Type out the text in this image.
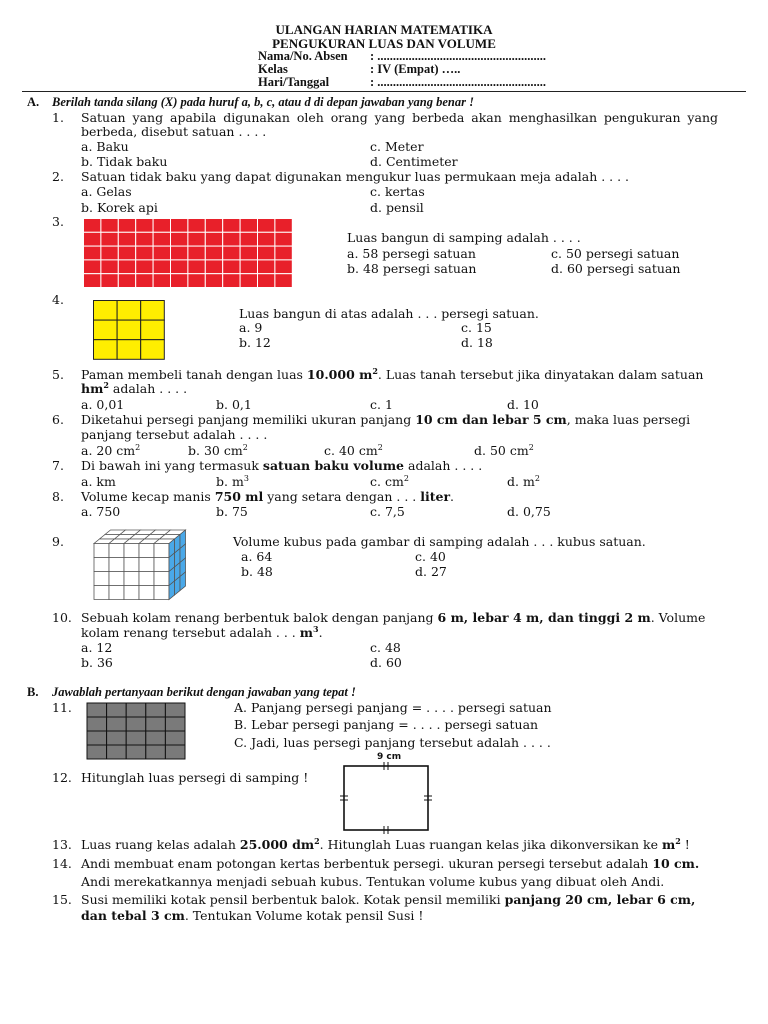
ULANGAN HARIAN MATEMATIKA
PENGUKURAN LUAS DAN VOLUME
Nama/No. Absen : ......................................................
Kelas	: IV (Empat) …..
Hari/Tanggal	: ......................................................
A. Berilah tanda silang (X) pada huruf a, b, c, atau d di depan jawaban yang benar !
1. Satuan yang apabila digunakan oleh orang yang berbeda akan menghasilkan pengukuran yang
berbeda, disebut satuan . . . .
a. Baku	c. Meter
b. Tidak baku	d. Centimeter
2. Satuan tidak baku yang dapat digunakan mengukur luas permukaan meja adalah . . . .
a. Gelas	c. kertas
b. Korek api	d. pensil
3.
Luas bangun di samping adalah . . . .
a. 58 persegi satuan	c. 50 persegi satuan
b. 48 persegi satuan	d. 60 persegi satuan
4.
Luas bangun di atas adalah . . . persegi satuan.
a. 9	c. 15
b. 12	d. 18
5. Paman membeli tanah dengan luas 10.000 $m^2$. Luas tanah tersebut jika dinyatakan dalam satuan
$hm^2$ adalah . . . .
a. 0,01	b. 0,1	c. 1	d. 10
6. Diketahui persegi panjang memiliki ukuran panjang 10 cm dan lebar 5 cm, maka luas persegi
panjang tersebut adalah . . . .
a. 20 $cm^2$	b. 30 $cm^2$	c. 40 $cm^2$	d. 50 $cm^2$
7. Di bawah ini yang termasuk satuan baku volume adalah . . . .
a. km	b. $m^3$	c. $cm^2$	d. $m^2$
8. Volume kecap manis 750 ml yang setara dengan . . . liter.
a. 750	b. 75	c. 7,5	d. 0,75
9.	Volume kubus pada gambar di samping adalah . . . kubus satuan.
a. 64	c. 40
b. 48	d. 27
10. Sebuah kolam renang berbentuk balok dengan panjang 6 m, lebar 4 m, dan tinggi 2 m. Volume
kolam renang tersebut adalah . . . $m^3$.
a. 12	c. 48
b. 36	d. 60
B. Jawablah pertanyaan berikut dengan jawaban yang tepat !
11.	A. Panjang persegi panjang = . . . . persegi satuan
B. Lebar persegi panjang = . . . . persegi satuan
C. Jadi, luas persegi panjang tersebut adalah . . . .
12. Hitunglah luas persegi di samping !
9 cm
13. Luas ruang kelas adalah 25.000 $dm^2$. Hitunglah Luas ruangan kelas jika dikonversikan ke $m^2$ !
14. Andi membuat enam potongan kertas berbentuk persegi. ukuran persegi tersebut adalah 10 cm.
Andi merekatkannya menjadi sebuah kubus. Tentukan volume kubus yang dibuat oleh Andi.
15. Susi memiliki kotak pensil berbentuk balok. Kotak pensil memiliki panjang 20 cm, lebar 6 cm,
dan tebal 3 cm. Tentukan Volume kotak pensil Susi !
